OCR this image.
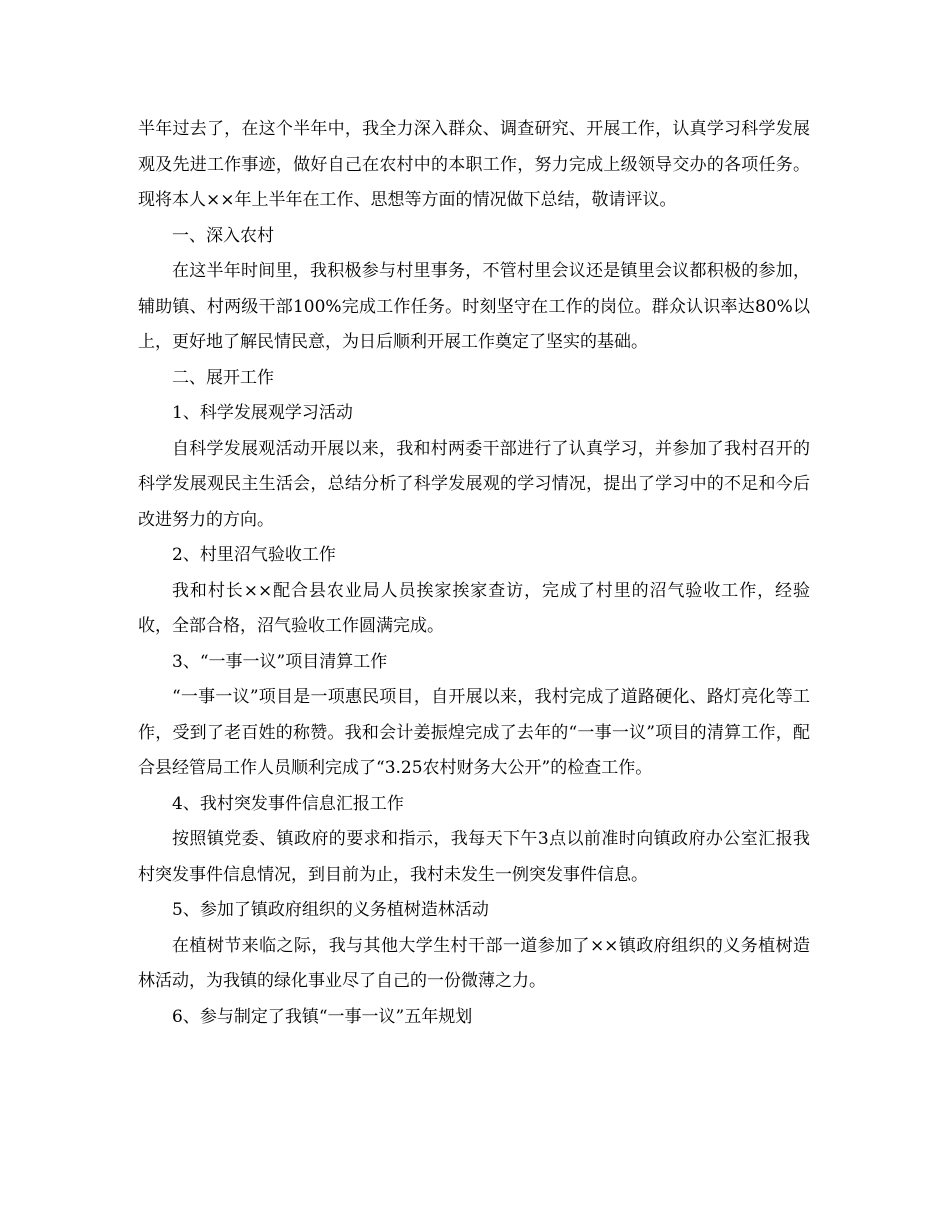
半年过去了，在这个半年中，我全力深入群众、调查研究、开展工作，认真学习科学发展观及先进工作事迹，做好自己在农村中的本职工作，努力完成上级领导交办的各项任务。现将本人××年上半年在工作、思想等方面的情况做下总结，敬请评议。

一、深入农村

在这半年时间里，我积极参与村里事务，不管村里会议还是镇里会议都积极的参加，辅助镇、村两级干部100%完成工作任务。时刻坚守在工作的岗位。群众认识率达80%以上，更好地了解民情民意，为日后顺利开展工作奠定了坚实的基础。

二、展开工作

1、科学发展观学习活动

自科学发展观活动开展以来，我和村两委干部进行了认真学习，并参加了我村召开的科学发展观民主生活会，总结分析了科学发展观的学习情况，提出了学习中的不足和今后改进努力的方向。

2、村里沼气验收工作

我和村长××配合县农业局人员挨家挨家查访，完成了村里的沼气验收工作，经验收，全部合格，沼气验收工作圆满完成。

3、“一事一议”项目清算工作

“一事一议”项目是一项惠民项目，自开展以来，我村完成了道路硬化、路灯亮化等工作，受到了老百姓的称赞。我和会计姜振煌完成了去年的“一事一议”项目的清算工作，配合县经管局工作人员顺利完成了“3.25农村财务大公开”的检查工作。

4、我村突发事件信息汇报工作

按照镇党委、镇政府的要求和指示，我每天下午3点以前准时向镇政府办公室汇报我村突发事件信息情况，到目前为止，我村未发生一例突发事件信息。

5、参加了镇政府组织的义务植树造林活动

在植树节来临之际，我与其他大学生村干部一道参加了××镇政府组织的义务植树造林活动，为我镇的绿化事业尽了自己的一份微薄之力。

6、参与制定了我镇“一事一议”五年规划
